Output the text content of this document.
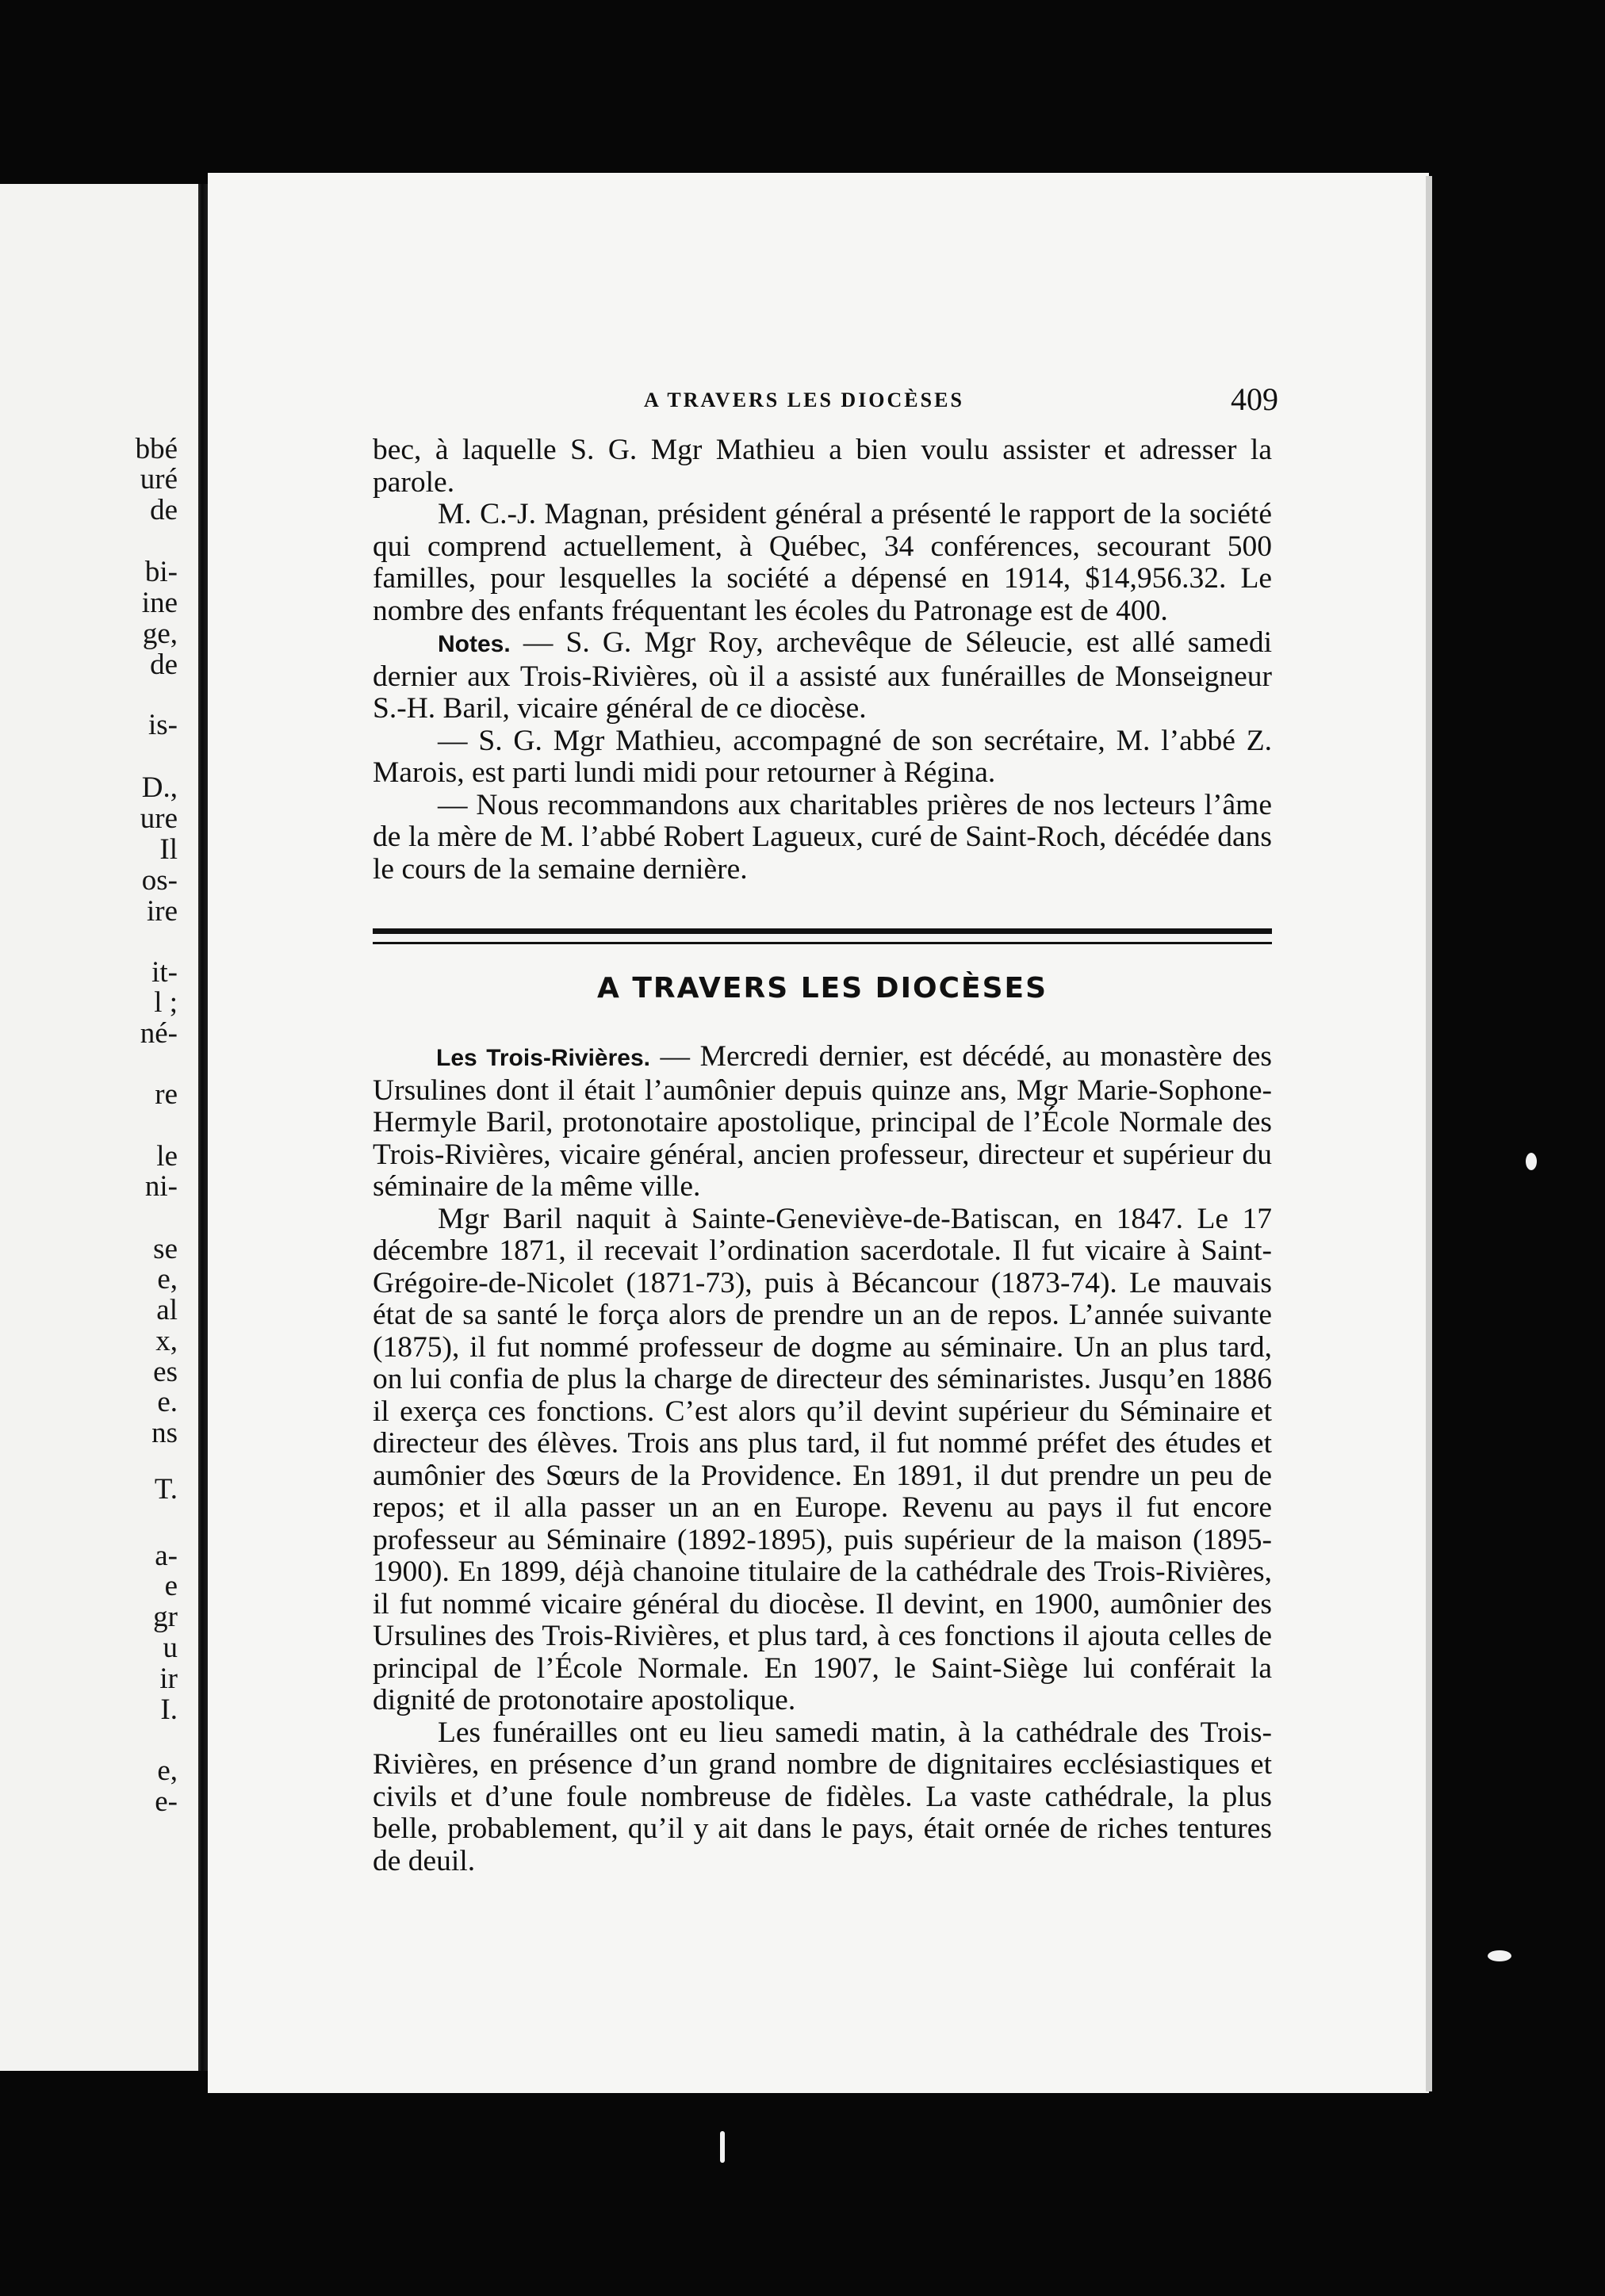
bbé
uré
de
bi-
ine
ge,
de
is-
D.,
ure
Il
os-
ire
it-
l ;
né-
re
le
ni-
se
e,
al
x,
es
e.
ns
T.
a-
e
gr
u
ir
I.
e,
e-
A TRAVERS LES DIOCÈSES	409

bec, à laquelle S. G. Mgr Mathieu a bien voulu assister et adresser la parole.

M. C.-J. Magnan, président général a présenté le rapport de la société qui comprend actuellement, à Québec, 34 conférences, secourant 500 familles, pour lesquelles la société a dépensé en 1914, $14,956.32. Le nombre des enfants fréquentant les écoles du Patronage est de 400.

Notes. — S. G. Mgr Roy, archevêque de Séleucie, est allé samedi dernier aux Trois-Rivières, où il a assisté aux funérailles de Monseigneur S.-H. Baril, vicaire général de ce diocèse.

— S. G. Mgr Mathieu, accompagné de son secrétaire, M. l’abbé Z. Marois, est parti lundi midi pour retourner à Régina.

— Nous recommandons aux charitables prières de nos lecteurs l’âme de la mère de M. l’abbé Robert Lagueux, curé de Saint-Roch, décédée dans le cours de la semaine dernière.

A TRAVERS LES DIOCÈSES

Les Trois-Rivières. — Mercredi dernier, est décédé, au monastère des Ursulines dont il était l’aumônier depuis quinze ans, Mgr Marie-Sophone-Hermyle Baril, protonotaire apostolique, principal de l’École Normale des Trois-Rivières, vicaire général, ancien professeur, directeur et supérieur du séminaire de la même ville.

Mgr Baril naquit à Sainte-Geneviève-de-Batiscan, en 1847. Le 17 décembre 1871, il recevait l’ordination sacerdotale. Il fut vicaire à Saint-Grégoire-de-Nicolet (1871-73), puis à Bécancour (1873-74). Le mauvais état de sa santé le força alors de prendre un an de repos. L’année suivante (1875), il fut nommé professeur de dogme au séminaire. Un an plus tard, on lui confia de plus la charge de directeur des séminaristes. Jusqu’en 1886 il exerça ces fonctions. C’est alors qu’il devint supérieur du Séminaire et directeur des élèves. Trois ans plus tard, il fut nommé préfet des études et aumônier des Sœurs de la Providence. En 1891, il dut prendre un peu de repos; et il alla passer un an en Europe. Revenu au pays il fut encore professeur au Séminaire (1892-1895), puis supérieur de la maison (1895-1900). En 1899, déjà chanoine titulaire de la cathédrale des Trois-Rivières, il fut nommé vicaire général du diocèse. Il devint, en 1900, aumônier des Ursulines des Trois-Rivières, et plus tard, à ces fonctions il ajouta celles de principal de l’École Normale. En 1907, le Saint-Siège lui conférait la dignité de protonotaire apostolique.

Les funérailles ont eu lieu samedi matin, à la cathédrale des Trois-Rivières, en présence d’un grand nombre de dignitaires ecclésiastiques et civils et d’une foule nombreuse de fidèles. La vaste cathédrale, la plus belle, probablement, qu’il y ait dans le pays, était ornée de riches tentures de deuil.
